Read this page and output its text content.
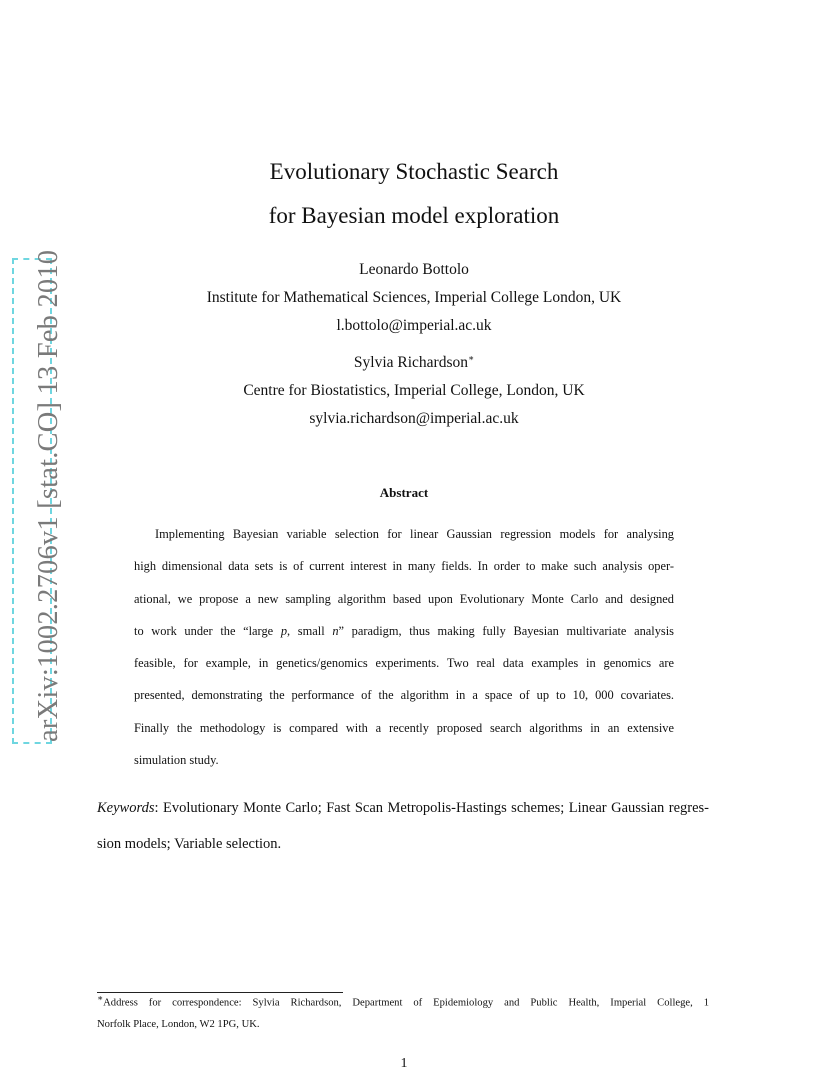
arXiv:1002.2706v1 [stat.CO] 13 Feb 2010
Evolutionary Stochastic Search
for Bayesian model exploration
Leonardo Bottolo
Institute for Mathematical Sciences, Imperial College London, UK
l.bottolo@imperial.ac.uk
Sylvia Richardson∗
Centre for Biostatistics, Imperial College, London, UK
sylvia.richardson@imperial.ac.uk
Abstract
Implementing Bayesian variable selection for linear Gaussian regression models for analysing
high dimensional data sets is of current interest in many fields. In order to make such analysis oper-
ational, we propose a new sampling algorithm based upon Evolutionary Monte Carlo and designed
to work under the “large p, small n” paradigm, thus making fully Bayesian multivariate analysis
feasible, for example, in genetics/genomics experiments. Two real data examples in genomics are
presented, demonstrating the performance of the algorithm in a space of up to 10, 000 covariates.
Finally the methodology is compared with a recently proposed search algorithms in an extensive
simulation study.
Keywords: Evolutionary Monte Carlo; Fast Scan Metropolis-Hastings schemes; Linear Gaussian regres-
sion models; Variable selection.
∗Address for correspondence: Sylvia Richardson, Department of Epidemiology and Public Health, Imperial College, 1
Norfolk Place, London, W2 1PG, UK.
1
